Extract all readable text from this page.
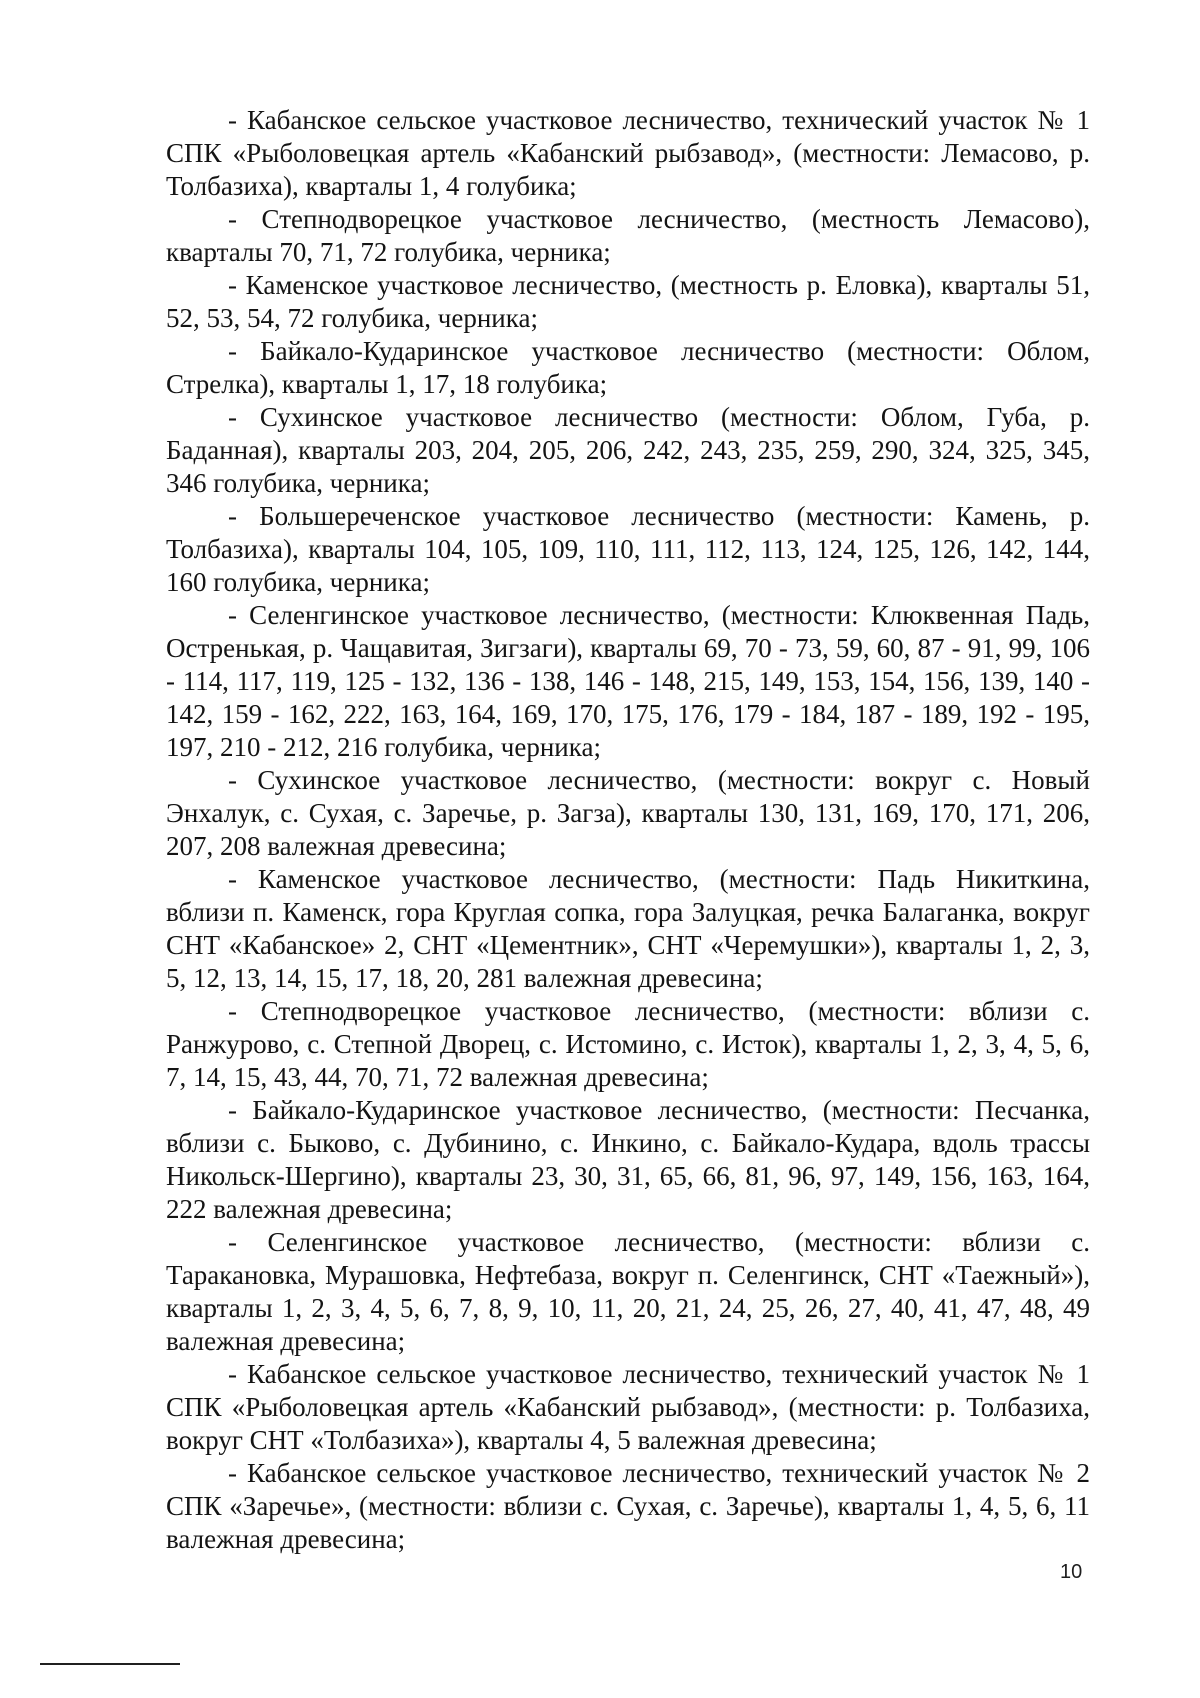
- Кабанское сельское участковое лесничество, технический участок № 1 СПК «Рыболовецкая артель «Кабанский рыбзавод», (местности: Лемасово, р. Толбазиха), кварталы 1, 4 голубика;

- Степнодворецкое участковое лесничество, (местность Лемасово), кварталы 70, 71, 72 голубика, черника;

- Каменское участковое лесничество, (местность р. Еловка), кварталы 51, 52, 53, 54, 72 голубика, черника;

- Байкало-Кударинское участковое лесничество (местности: Облом, Стрелка), кварталы 1, 17, 18 голубика;

- Сухинское участковое лесничество (местности: Облом, Губа, р. Баданная), кварталы 203, 204, 205, 206, 242, 243, 235, 259, 290, 324, 325, 345, 346 голубика, черника;

- Большереченское участковое лесничество (местности: Камень, р. Толбазиха), кварталы 104, 105, 109, 110, 111, 112, 113, 124, 125, 126, 142, 144, 160 голубика, черника;

- Селенгинское участковое лесничество, (местности: Клюквенная Падь, Остренькая, р. Чащавитая, Зигзаги), кварталы 69, 70 - 73, 59, 60, 87 - 91, 99, 106 - 114, 117, 119, 125 - 132, 136 - 138, 146 - 148, 215, 149, 153, 154, 156, 139, 140 - 142, 159 - 162, 222, 163, 164, 169, 170, 175, 176, 179 - 184, 187 - 189, 192 - 195, 197, 210 - 212, 216 голубика, черника;

- Сухинское участковое лесничество, (местности: вокруг с. Новый Энхалук, с. Сухая, с. Заречье, р. Загза), кварталы 130, 131, 169, 170, 171, 206, 207, 208 валежная древесина;

- Каменское участковое лесничество, (местности: Падь Никиткина, вблизи п. Каменск, гора Круглая сопка, гора Залуцкая, речка Балаганка, вокруг СНТ «Кабанское» 2, СНТ «Цементник», СНТ «Черемушки»), кварталы 1, 2, 3, 5, 12, 13, 14, 15, 17, 18, 20, 281 валежная древесина;

- Степнодворецкое участковое лесничество, (местности: вблизи с. Ранжурово, с. Степной Дворец, с. Истомино, с. Исток), кварталы 1, 2, 3, 4, 5, 6, 7, 14, 15, 43, 44, 70, 71, 72 валежная древесина;

- Байкало-Кударинское участковое лесничество, (местности: Песчанка, вблизи с. Быково, с. Дубинино, с. Инкино, с. Байкало-Кудара, вдоль трассы Никольск-Шергино), кварталы 23, 30, 31, 65, 66, 81, 96, 97, 149, 156, 163, 164, 222 валежная древесина;

- Селенгинское участковое лесничество, (местности: вблизи с. Таракановка, Мурашовка, Нефтебаза, вокруг п. Селенгинск, СНТ «Таежный»), кварталы 1, 2, 3, 4, 5, 6, 7, 8, 9, 10, 11, 20, 21, 24, 25, 26, 27, 40, 41, 47, 48, 49 валежная древесина;

- Кабанское сельское участковое лесничество, технический участок № 1 СПК «Рыболовецкая артель «Кабанский рыбзавод», (местности: р. Толбазиха, вокруг СНТ «Толбазиха»), кварталы 4, 5 валежная древесина;

- Кабанское сельское участковое лесничество, технический участок № 2 СПК «Заречье», (местности: вблизи с. Сухая, с. Заречье), кварталы 1, 4, 5, 6, 11 валежная древесина;

10
